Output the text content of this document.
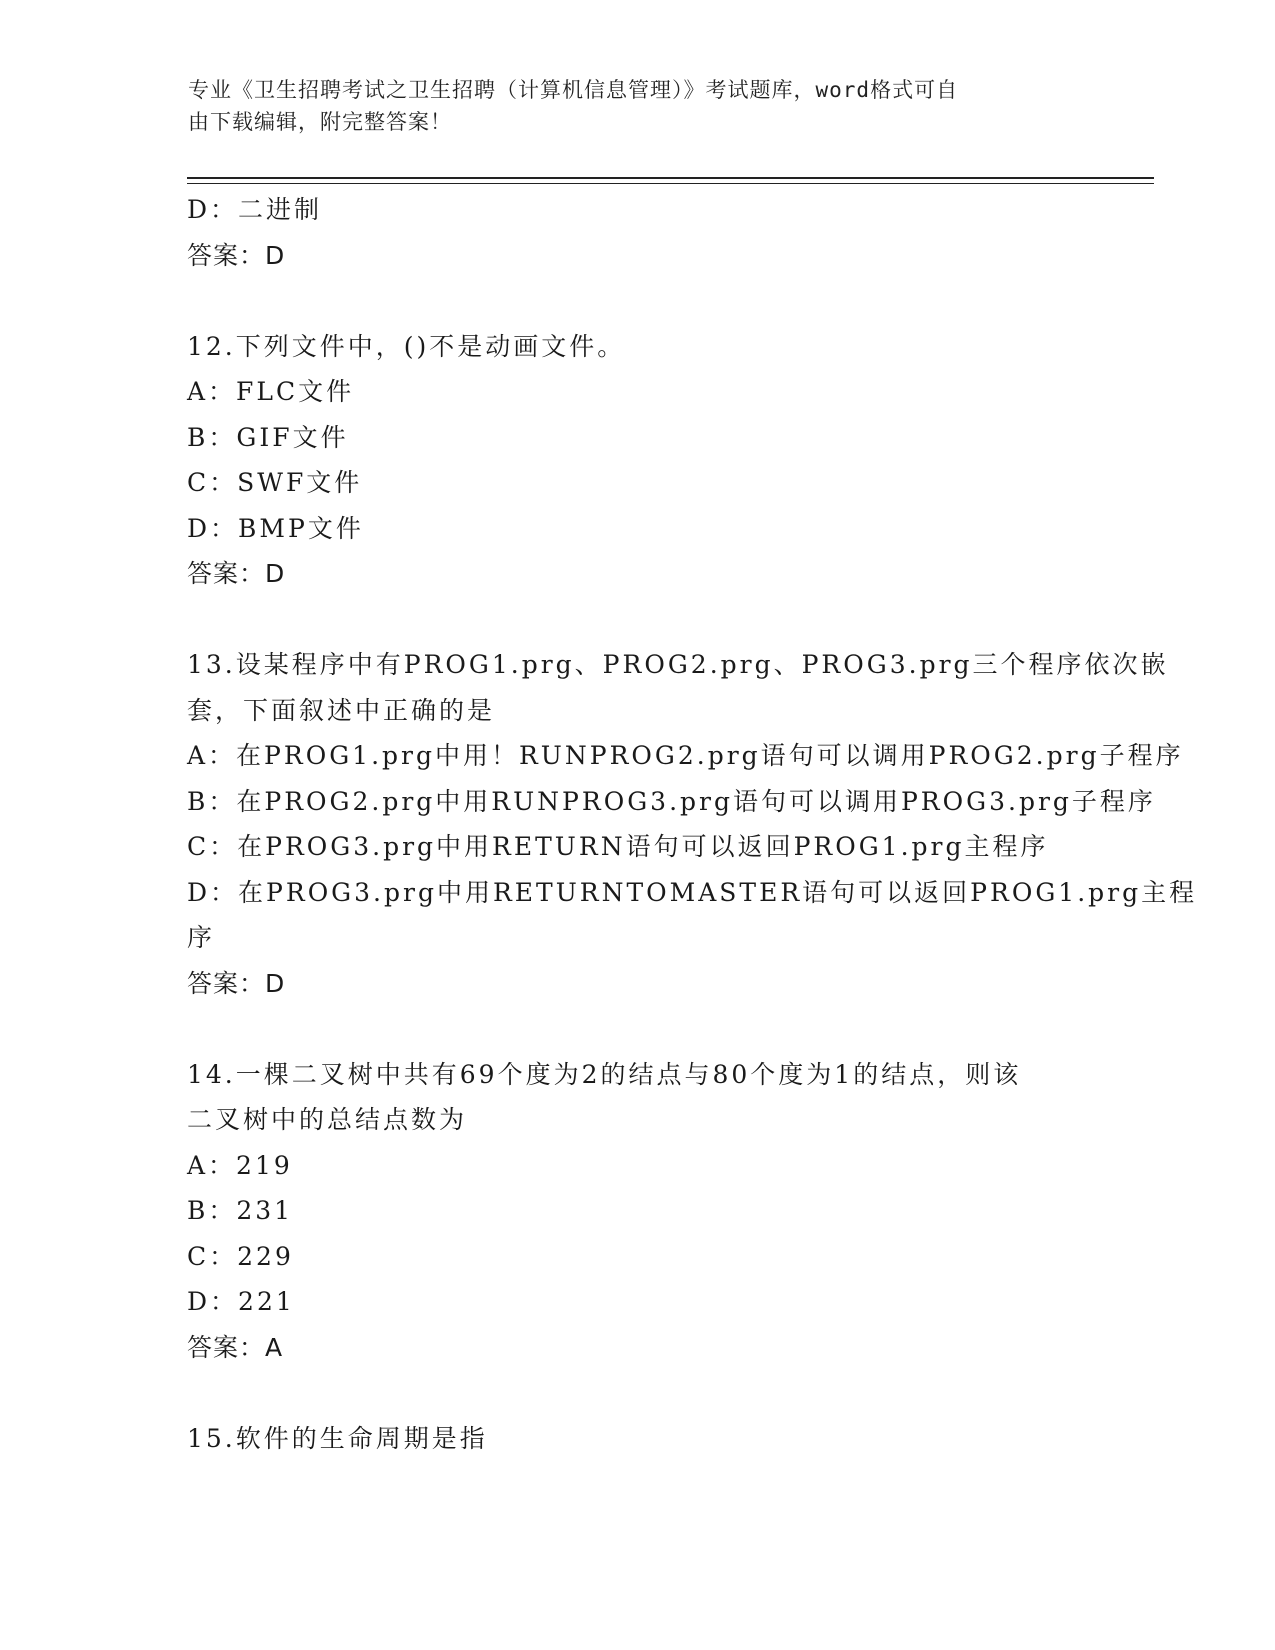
专业《卫生招聘考试之卫生招聘（计算机信息管理）》考试题库，word格式可自
由下载编辑，附完整答案！
D：二进制
答案：D
12.下列文件中，()不是动画文件。
A：FLC文件
B：GIF文件
C：SWF文件
D：BMP文件
答案：D
13.设某程序中有PROG1.prg、PROG2.prg、PROG3.prg三个程序依次嵌
套，下面叙述中正确的是
A：在PROG1.prg中用！RUNPROG2.prg语句可以调用PROG2.prg子程序
B：在PROG2.prg中用RUNPROG3.prg语句可以调用PROG3.prg子程序
C：在PROG3.prg中用RETURN语句可以返回PROG1.prg主程序
D：在PROG3.prg中用RETURNTOMASTER语句可以返回PROG1.prg主程
序
答案：D
14.一棵二叉树中共有69个度为2的结点与80个度为1的结点，则该
二叉树中的总结点数为
A：219
B：231
C：229
D：221
答案：A
15.软件的生命周期是指
